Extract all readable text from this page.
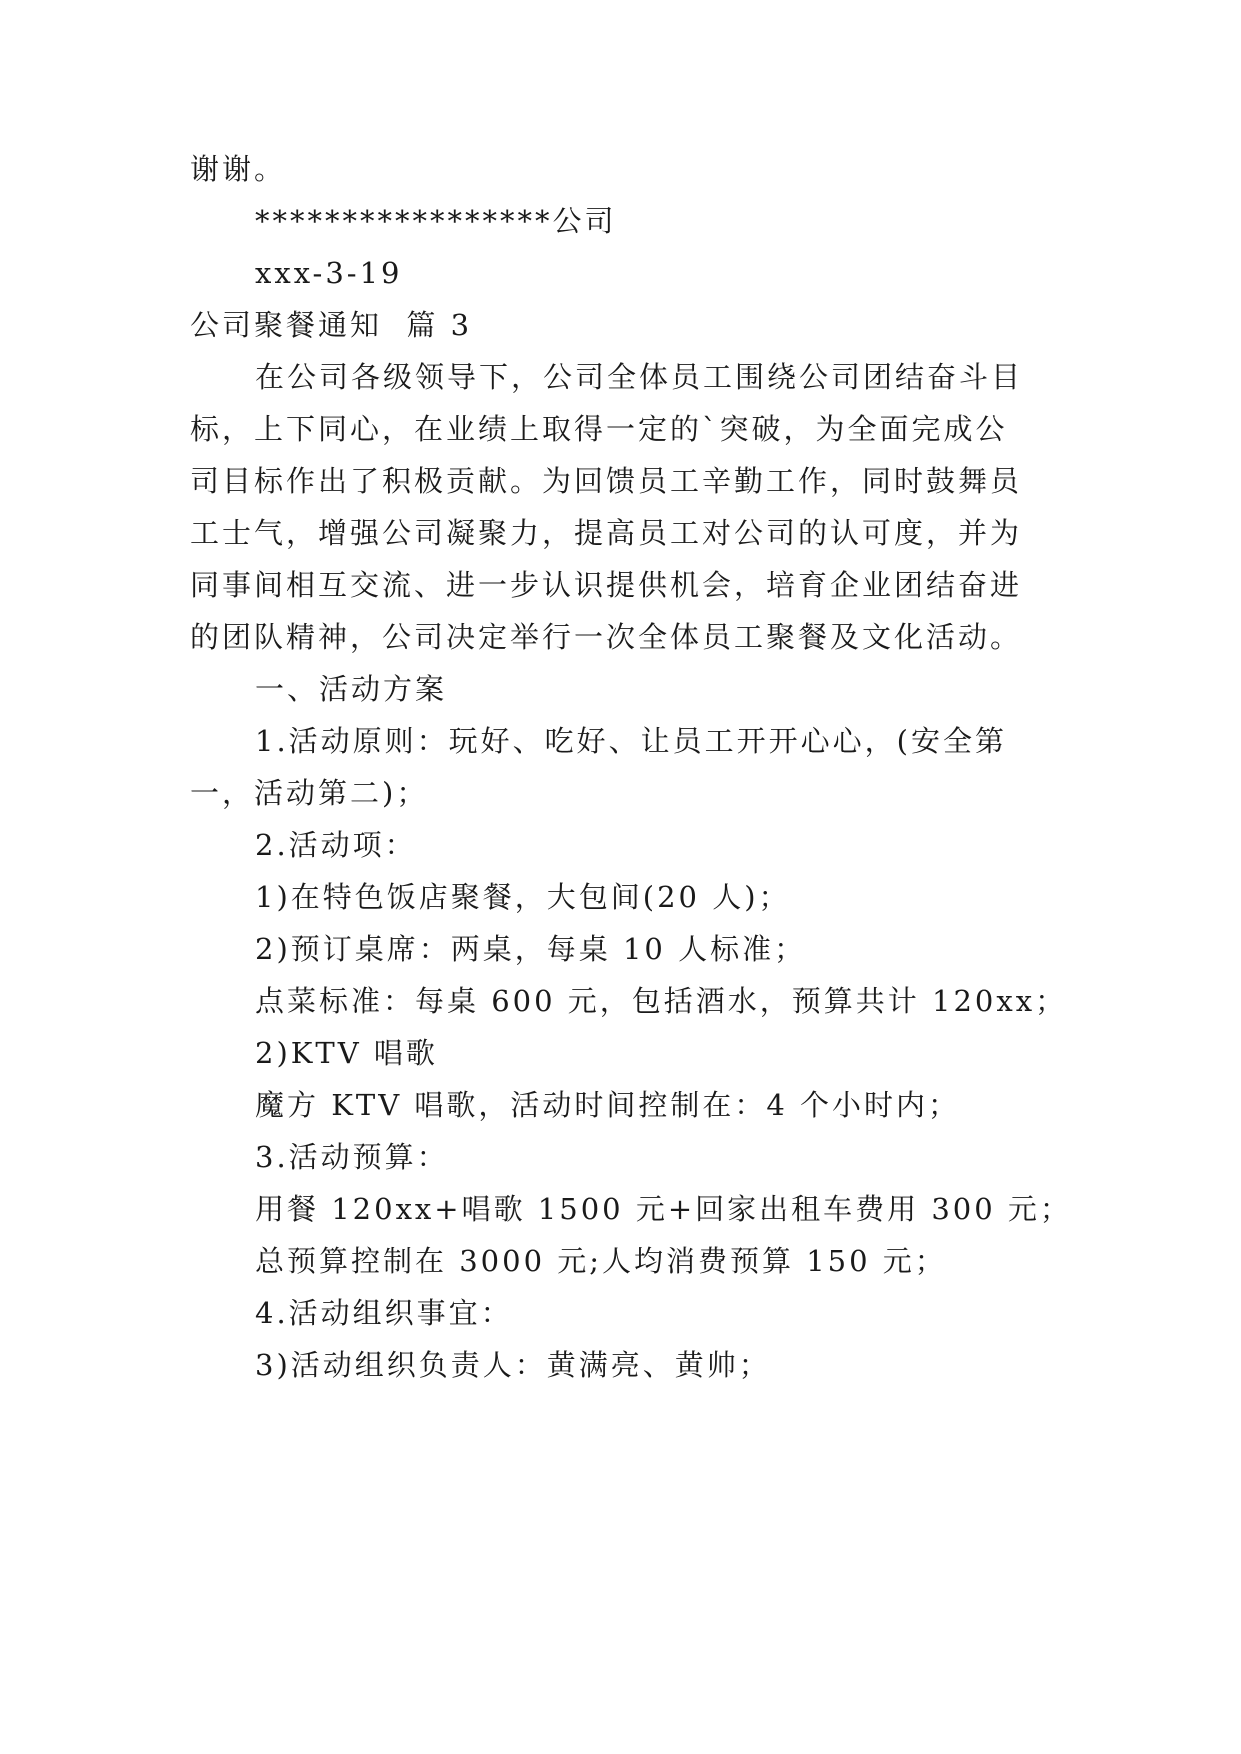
谢谢。
*****************公司
xxx-3-19
公司聚餐通知  篇 3
在公司各级领导下，公司全体员工围绕公司团结奋斗目
标，上下同心，在业绩上取得一定的`突破，为全面完成公
司目标作出了积极贡献。为回馈员工辛勤工作，同时鼓舞员
工士气，增强公司凝聚力，提高员工对公司的认可度，并为
同事间相互交流、进一步认识提供机会，培育企业团结奋进
的团队精神，公司决定举行一次全体员工聚餐及文化活动。
一、活动方案
1.活动原则：玩好、吃好、让员工开开心心，(安全第
一，活动第二)；
2.活动项：
1)在特色饭店聚餐，大包间(20 人)；
2)预订桌席：两桌，每桌 10 人标准；
点菜标准：每桌 600 元，包括酒水，预算共计 120xx；
2)KTV 唱歌
魔方 KTV 唱歌，活动时间控制在：4 个小时内；
3.活动预算：
用餐 120xx+唱歌 1500 元+回家出租车费用 300 元；
总预算控制在 3000 元;人均消费预算 150 元；
4.活动组织事宜：
3)活动组织负责人：黄满亮、黄帅；
